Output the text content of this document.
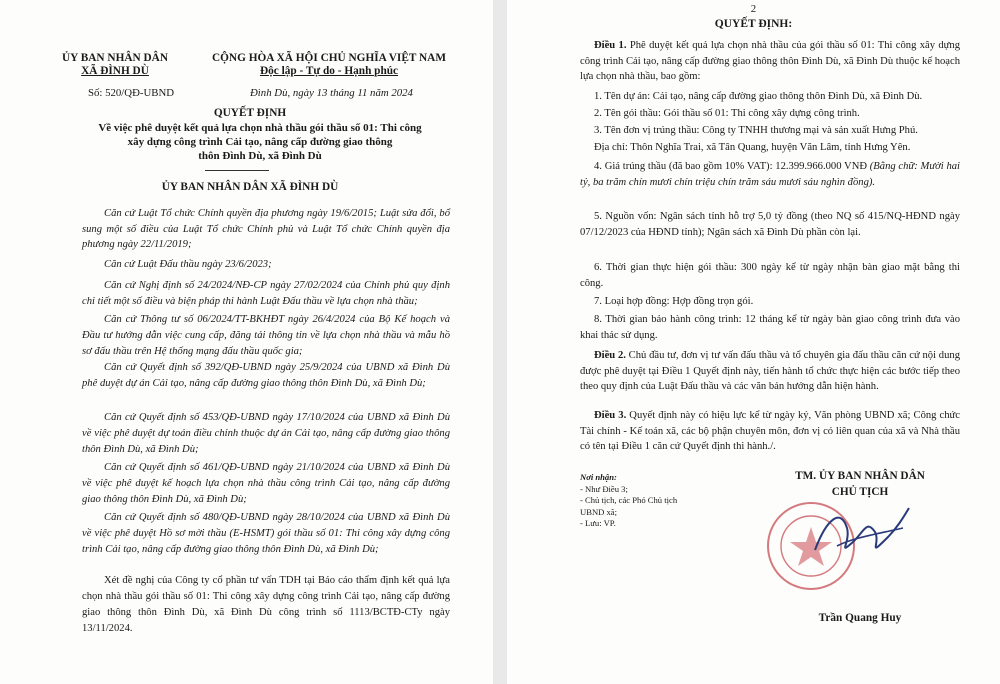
ỦY BAN NHÂN DÂN
XÃ ĐÌNH DÙ
CỘNG HÒA XÃ HỘI CHỦ NGHĨA VIỆT NAM
Độc lập - Tự do - Hạnh phúc
Số: 520/QĐ-UBND	Đình Dù, ngày 13 tháng 11 năm 2024
QUYẾT ĐỊNH
Về việc phê duyệt kết quả lựa chọn nhà thầu gói thầu số 01: Thi công
xây dựng công trình Cải tạo, nâng cấp đường giao thông
thôn Đình Dù, xã Đình Dù
ỦY BAN NHÂN DÂN XÃ ĐÌNH DÙ

Căn cứ Luật Tổ chức Chính quyền địa phương ngày 19/6/2015; Luật sửa đổi, bổ sung một số điều của Luật Tổ chức Chính phủ và Luật Tổ chức Chính quyền địa phương ngày 22/11/2019;

Căn cứ Luật Đấu thầu ngày 23/6/2023;

Căn cứ Nghị định số 24/2024/NĐ-CP ngày 27/02/2024 của Chính phủ quy định chi tiết một số điều và biện pháp thi hành Luật Đấu thầu về lựa chọn nhà thầu;

Căn cứ Thông tư số 06/2024/TT-BKHĐT ngày 26/4/2024 của Bộ Kế hoạch và Đầu tư hướng dẫn việc cung cấp, đăng tải thông tin về lựa chọn nhà thầu và mẫu hồ sơ đấu thầu trên Hệ thống mạng đấu thầu quốc gia;

Căn cứ Quyết định số 392/QĐ-UBND ngày 25/9/2024 của UBND xã Đình Dù phê duyệt dự án Cải tạo, nâng cấp đường giao thông thôn Đình Dù, xã Đình Dù;

Căn cứ Quyết định số 453/QĐ-UBND ngày 17/10/2024 của UBND xã Đình Dù về việc phê duyệt dự toán điều chỉnh thuộc dự án Cải tạo, nâng cấp đường giao thông thôn Đình Dù, xã Đình Dù;

Căn cứ Quyết định số 461/QĐ-UBND ngày 21/10/2024 của UBND xã Đình Dù về việc phê duyệt kế hoạch lựa chọn nhà thầu công trình Cải tạo, nâng cấp đường giao thông thôn Đình Dù, xã Đình Dù;

Căn cứ Quyết định số 480/QĐ-UBND ngày 28/10/2024 của UBND xã Đình Dù về việc phê duyệt Hồ sơ mời thầu (E-HSMT) gói thầu số 01: Thi công xây dựng công trình Cải tạo, nâng cấp đường giao thông thôn Đình Dù, xã Đình Dù;

Xét đề nghị của Công ty cổ phần tư vấn TDH tại Báo cáo thẩm định kết quả lựa chọn nhà thầu gói thầu số 01: Thi công xây dựng công trình Cải tạo, nâng cấp đường giao thông thôn Đình Dù, xã Đình Dù công trình số 1113/BCTĐ-CTy ngày 13/11/2024.

2
QUYẾT ĐỊNH:

Điều 1. Phê duyệt kết quả lựa chọn nhà thầu của gói thầu số 01: Thi công xây dựng công trình Cải tạo, nâng cấp đường giao thông thôn Đình Dù, xã Đình Dù thuộc kế hoạch lựa chọn nhà thầu, bao gồm:

1. Tên dự án: Cải tạo, nâng cấp đường giao thông thôn Đình Dù, xã Đình Dù.

2. Tên gói thầu: Gói thầu số 01: Thi công xây dựng công trình.

3. Tên đơn vị trúng thầu: Công ty TNHH thương mại và sản xuất Hưng Phú.

Địa chỉ: Thôn Nghĩa Trai, xã Tân Quang, huyện Văn Lâm, tỉnh Hưng Yên.

4. Giá trúng thầu (đã bao gồm 10% VAT): 12.399.966.000 VNĐ (Bằng chữ: Mười hai tỷ, ba trăm chín mươi chín triệu chín trăm sáu mươi sáu nghìn đồng).

5. Nguồn vốn: Ngân sách tỉnh hỗ trợ 5,0 tỷ đồng (theo NQ số 415/NQ-HĐND ngày 07/12/2023 của HĐND tỉnh); Ngân sách xã Đình Dù phần còn lại.

6. Thời gian thực hiện gói thầu: 300 ngày kể từ ngày nhận bàn giao mặt bằng thi công.

7. Loại hợp đồng: Hợp đồng trọn gói.

8. Thời gian bảo hành công trình: 12 tháng kể từ ngày bàn giao công trình đưa vào khai thác sử dụng.

Điều 2. Chủ đầu tư, đơn vị tư vấn đấu thầu và tổ chuyên gia đấu thầu căn cứ nội dung được phê duyệt tại Điều 1 Quyết định này, tiến hành tổ chức thực hiện các bước tiếp theo theo quy định của Luật Đấu thầu và các văn bản hướng dẫn hiện hành.

Điều 3. Quyết định này có hiệu lực kể từ ngày ký, Văn phòng UBND xã; Công chức Tài chính - Kế toán xã, các bộ phận chuyên môn, đơn vị có liên quan của xã và Nhà thầu có tên tại Điều 1 căn cứ Quyết định thi hành./.

Nơi nhận:
- Như Điều 3;
- Chủ tịch, các Phó Chủ tịch
UBND xã;
- Lưu: VP.
TM. ỦY BAN NHÂN DÂN
CHỦ TỊCH
Trần Quang Huy
